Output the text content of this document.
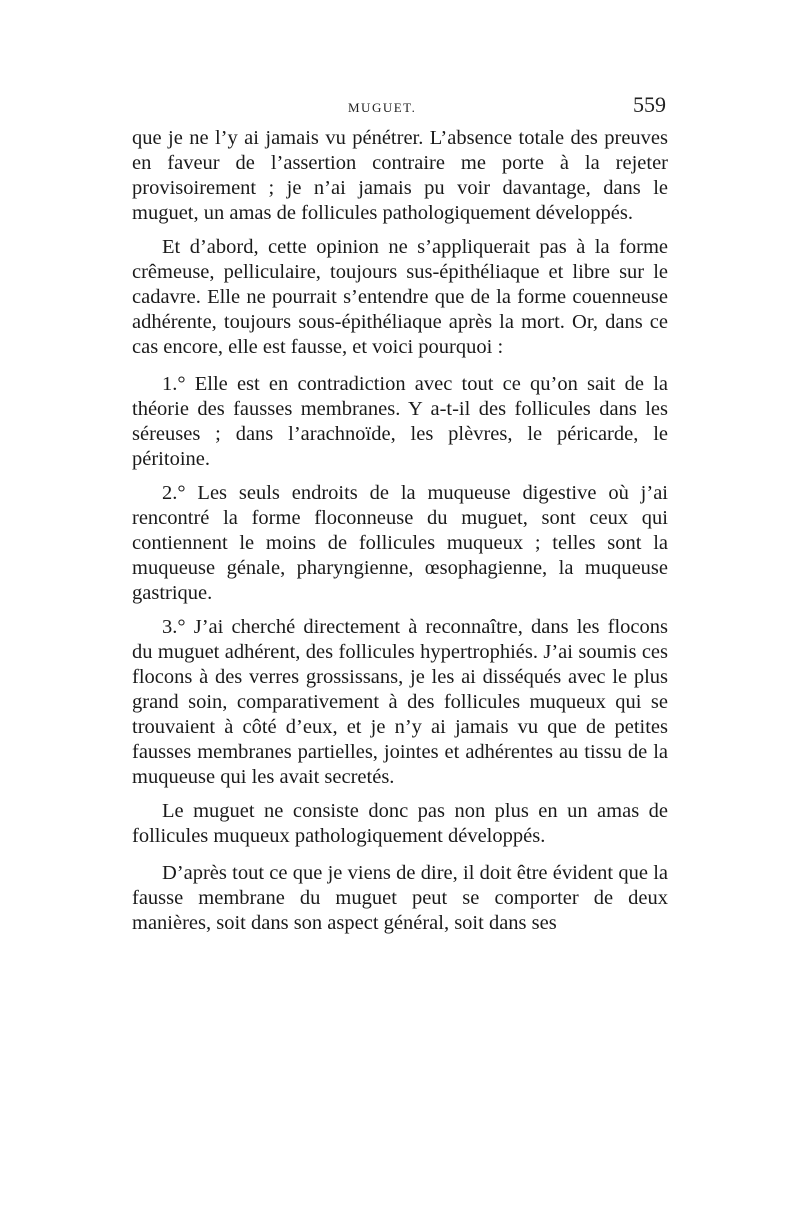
MUGUET.	559

que je ne l’y ai jamais vu pénétrer. L’absence totale des preuves en faveur de l’assertion contraire me porte à la rejeter provisoirement ; je n’ai jamais pu voir davantage, dans le muguet, un amas de follicules pathologiquement développés.

Et d’abord, cette opinion ne s’appliquerait pas à la forme crêmeuse, pelliculaire, toujours sus-épithéliaque et libre sur le cadavre. Elle ne pourrait s’entendre que de la forme couenneuse adhérente, toujours sous-épithéliaque après la mort. Or, dans ce cas encore, elle est fausse, et voici pourquoi :

1.° Elle est en contradiction avec tout ce qu’on sait de la théorie des fausses membranes. Y a-t-il des follicules dans les séreuses ; dans l’arachnoïde, les plèvres, le péricarde, le péritoine.

2.° Les seuls endroits de la muqueuse digestive où j’ai rencontré la forme floconneuse du muguet, sont ceux qui contiennent le moins de follicules muqueux ; telles sont la muqueuse génale, pharyngienne, œsophagienne, la muqueuse gastrique.

3.° J’ai cherché directement à reconnaître, dans les flocons du muguet adhérent, des follicules hypertrophiés. J’ai soumis ces flocons à des verres grossissans, je les ai disséqués avec le plus grand soin, comparativement à des follicules muqueux qui se trouvaient à côté d’eux, et je n’y ai jamais vu que de petites fausses membranes partielles, jointes et adhérentes au tissu de la muqueuse qui les avait secretés.

Le muguet ne consiste donc pas non plus en un amas de follicules muqueux pathologiquement développés.

D’après tout ce que je viens de dire, il doit être évident que la fausse membrane du muguet peut se comporter de deux manières, soit dans son aspect général, soit dans ses
